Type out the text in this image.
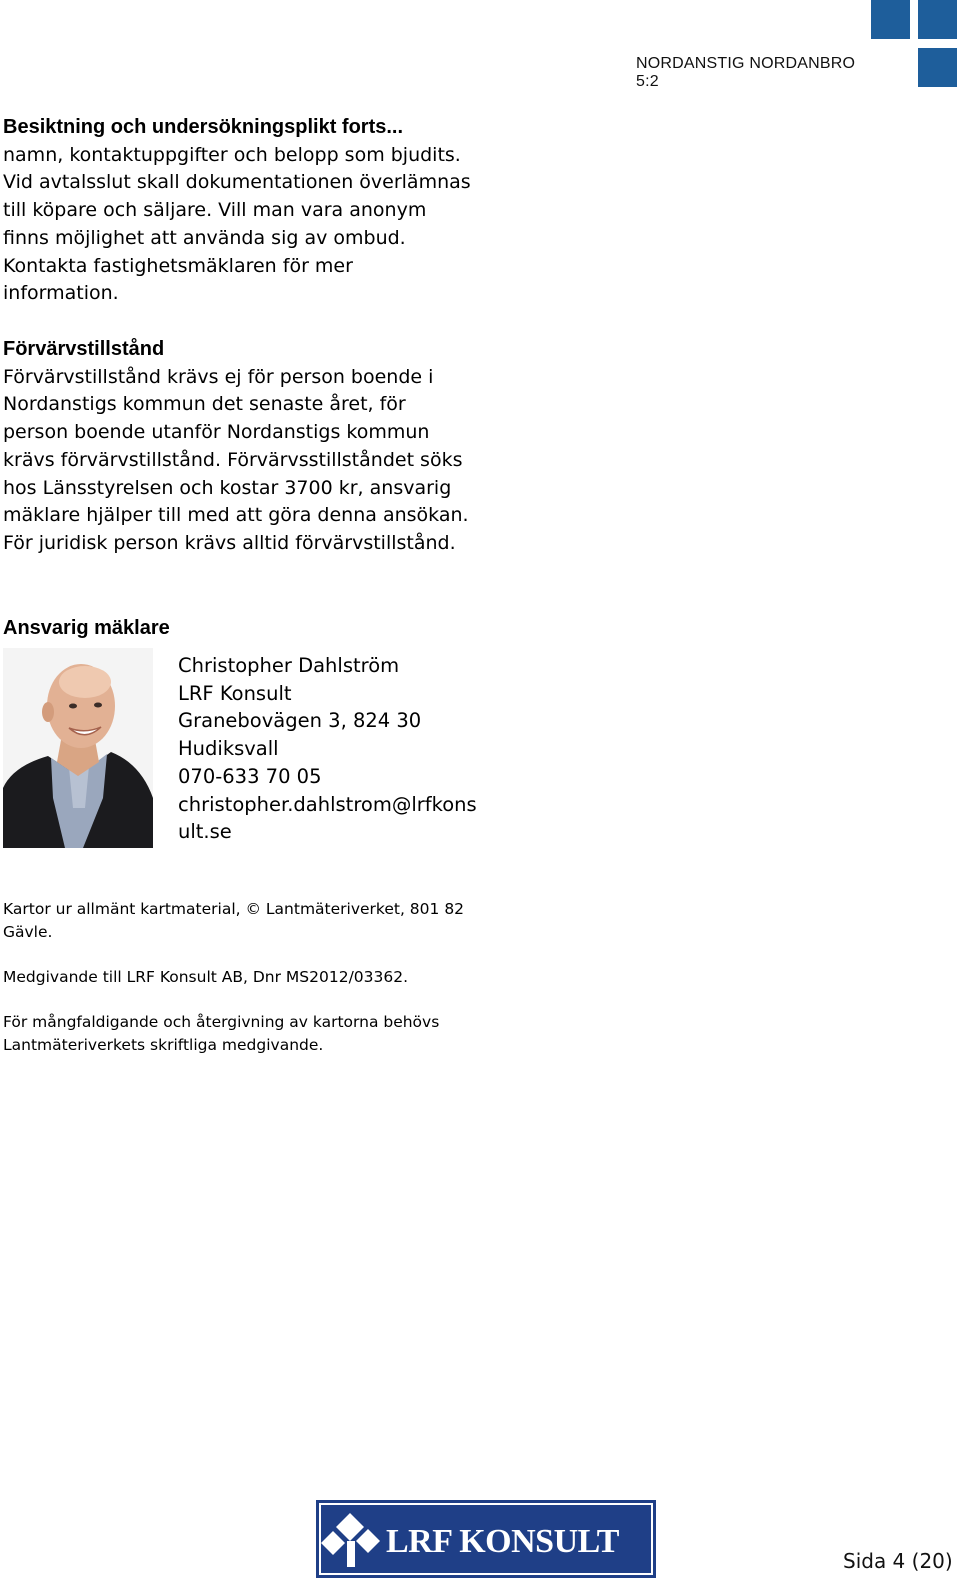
NORDANSTIG NORDANBRO 5:2

Besiktning och undersökningsplikt forts...

namn, kontaktuppgifter och belopp som bjudits.

Vid avtalsslut skall dokumentationen överlämnas

till köpare och säljare. Vill man vara anonym

finns möjlighet att använda sig av ombud.

Kontakta fastighetsmäklaren för mer

information.

Förvärvstillstånd

Förvärvstillstånd krävs ej för person boende i

Nordanstigs kommun det senaste året, för

person boende utanför Nordanstigs kommun

krävs förvärvstillstånd. Förvärvsstillståndet söks

hos Länsstyrelsen och kostar 3700 kr, ansvarig

mäklare hjälper till med att göra denna ansökan.

För juridisk person krävs alltid förvärvstillstånd.

Ansvarig mäklare

Christopher Dahlström
LRF Konsult
Granebovägen 3, 824 30
Hudiksvall
070-633 70 05
christopher.dahlstrom@lrfkons
ult.se

Kartor ur allmänt kartmaterial, © Lantmäteriverket, 801 82

Gävle.

Medgivande till LRF Konsult AB, Dnr MS2012/03362.

För mångfaldigande och återgivning av kartorna behövs

Lantmäteriverkets skriftliga medgivande.

LRF KONSULT
Sida 4 (20)
